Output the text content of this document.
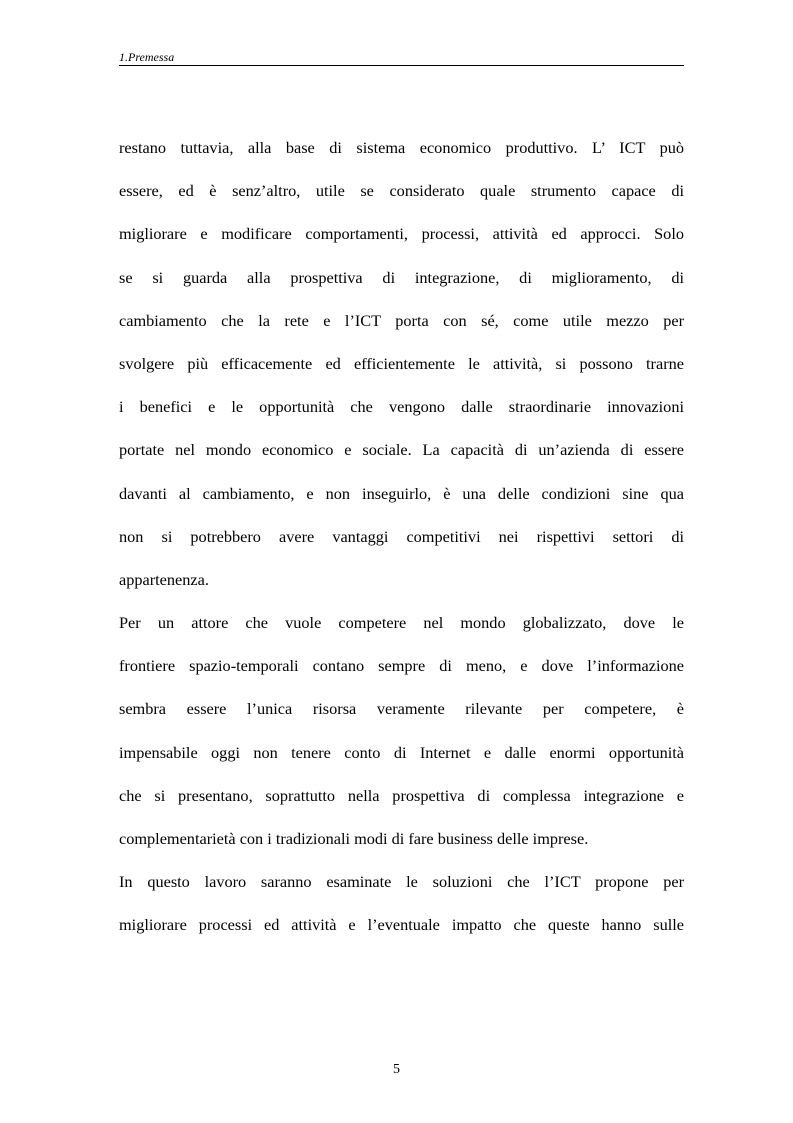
1.Premessa
restano tuttavia, alla base di sistema economico produttivo. L’ ICT può
essere, ed è senz’altro, utile se considerato quale strumento capace di
migliorare e modificare comportamenti, processi, attività ed approcci. Solo
se si guarda alla prospettiva di integrazione, di miglioramento, di
cambiamento che la rete e l’ICT porta con sé, come utile mezzo per
svolgere più efficacemente ed efficientemente le attività, si possono trarne
i benefici e le opportunità che vengono dalle straordinarie innovazioni
portate nel mondo economico e sociale. La capacità di un’azienda di essere
davanti al cambiamento, e non inseguirlo, è una delle condizioni sine qua
non si potrebbero avere vantaggi competitivi nei rispettivi settori di
appartenenza.
Per un attore che vuole competere nel mondo globalizzato, dove le
frontiere spazio-temporali contano sempre di meno, e dove l’informazione
sembra essere l’unica risorsa veramente rilevante per competere, è
impensabile oggi non tenere conto di Internet e dalle enormi opportunità
che si presentano, soprattutto nella prospettiva di complessa integrazione e
complementarietà con i tradizionali modi di fare business delle imprese.
In questo lavoro saranno esaminate le soluzioni che l’ICT propone per
migliorare processi ed attività e l’eventuale impatto che queste hanno sulle
5
